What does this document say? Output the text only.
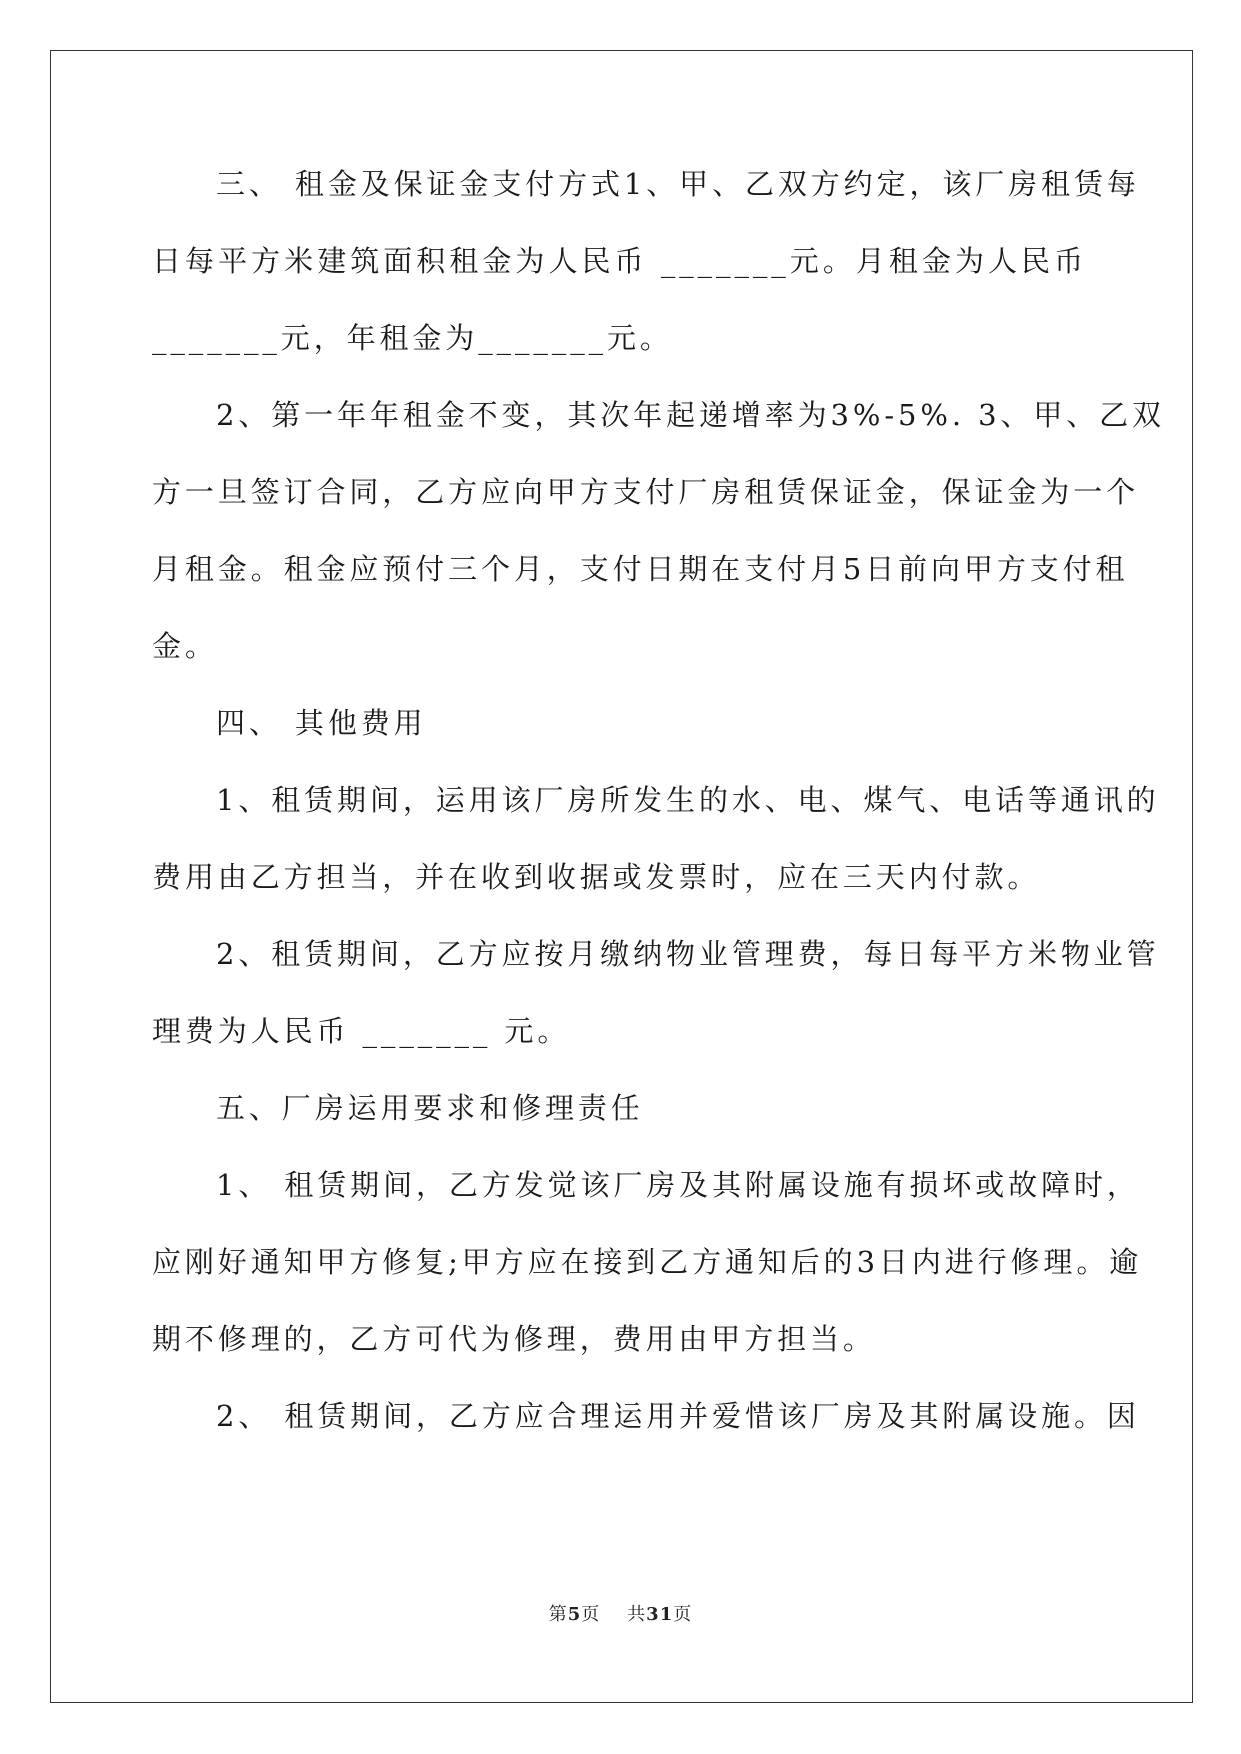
三、 租金及保证金支付方式1、甲、乙双方约定，该厂房租赁每
日每平方米建筑面积租金为人民币 _______元。月租金为人民币
_______元，年租金为_______元。
2、第一年年租金不变，其次年起递增率为3%-5%. 3、甲、乙双
方一旦签订合同，乙方应向甲方支付厂房租赁保证金，保证金为一个
月租金。租金应预付三个月，支付日期在支付月5日前向甲方支付租
金。
四、 其他费用
1、租赁期间，运用该厂房所发生的水、电、煤气、电话等通讯的
费用由乙方担当，并在收到收据或发票时，应在三天内付款。
2、租赁期间，乙方应按月缴纳物业管理费，每日每平方米物业管
理费为人民币 _______ 元。
五、厂房运用要求和修理责任
1、 租赁期间，乙方发觉该厂房及其附属设施有损坏或故障时，
应刚好通知甲方修复;甲方应在接到乙方通知后的3日内进行修理。逾
期不修理的，乙方可代为修理，费用由甲方担当。
2、 租赁期间，乙方应合理运用并爱惜该厂房及其附属设施。因
第5页 共31页
